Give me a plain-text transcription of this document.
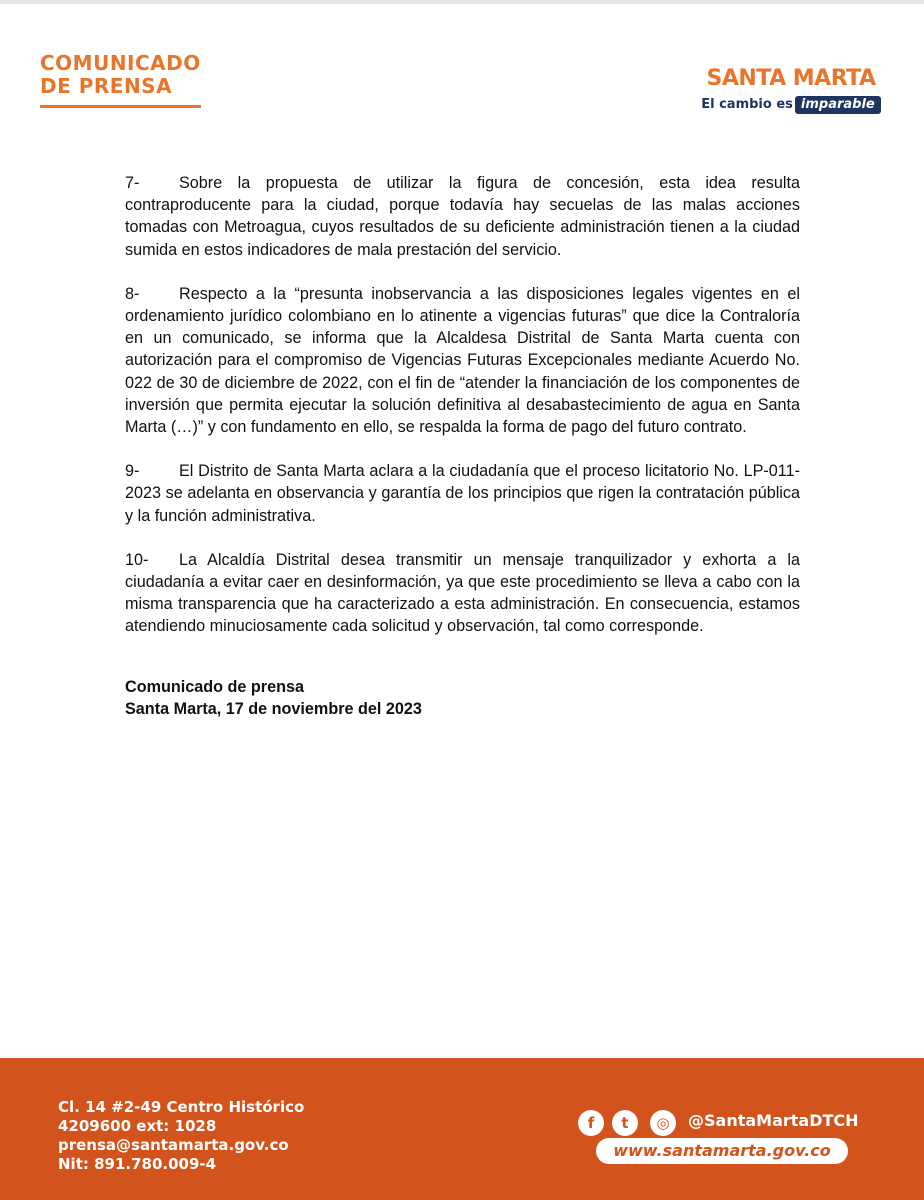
COMUNICADO
DE PRENSA	SANTA MARTA
El cambio es imparable

7- Sobre la propuesta de utilizar la figura de concesión, esta idea resulta contraproducente para la ciudad, porque todavía hay secuelas de las malas acciones tomadas con Metroagua, cuyos resultados de su deficiente administración tienen a la ciudad sumida en estos indicadores de mala prestación del servicio.

8- Respecto a la “presunta inobservancia a las disposiciones legales vigentes en el ordenamiento jurídico colombiano en lo atinente a vigencias futuras” que dice la Contraloría en un comunicado, se informa que la Alcaldesa Distrital de Santa Marta cuenta con autorización para el compromiso de Vigencias Futuras Excepcionales mediante Acuerdo No. 022 de 30 de diciembre de 2022, con el fin de “atender la financiación de los componentes de inversión que permita ejecutar la solución definitiva al desabastecimiento de agua en Santa Marta (…)” y con fundamento en ello, se respalda la forma de pago del futuro contrato.

9- El Distrito de Santa Marta aclara a la ciudadanía que el proceso licitatorio No. LP-011-2023 se adelanta en observancia y garantía de los principios que rigen la contratación pública y la función administrativa.

10- La Alcaldía Distrital desea transmitir un mensaje tranquilizador y exhorta a la ciudadanía a evitar caer en desinformación, ya que este procedimiento se lleva a cabo con la misma transparencia que ha caracterizado a esta administración. En consecuencia, estamos atendiendo minuciosamente cada solicitud y observación, tal como corresponde.

Comunicado de prensa
Santa Marta, 17 de noviembre del 2023
Cl. 14 #2-49 Centro Histórico
4209600 ext: 1028
prensa@santamarta.gov.co
Nit: 891.780.009-4
f	t	◎	@SantaMartaDTCH
www.santamarta.gov.co
